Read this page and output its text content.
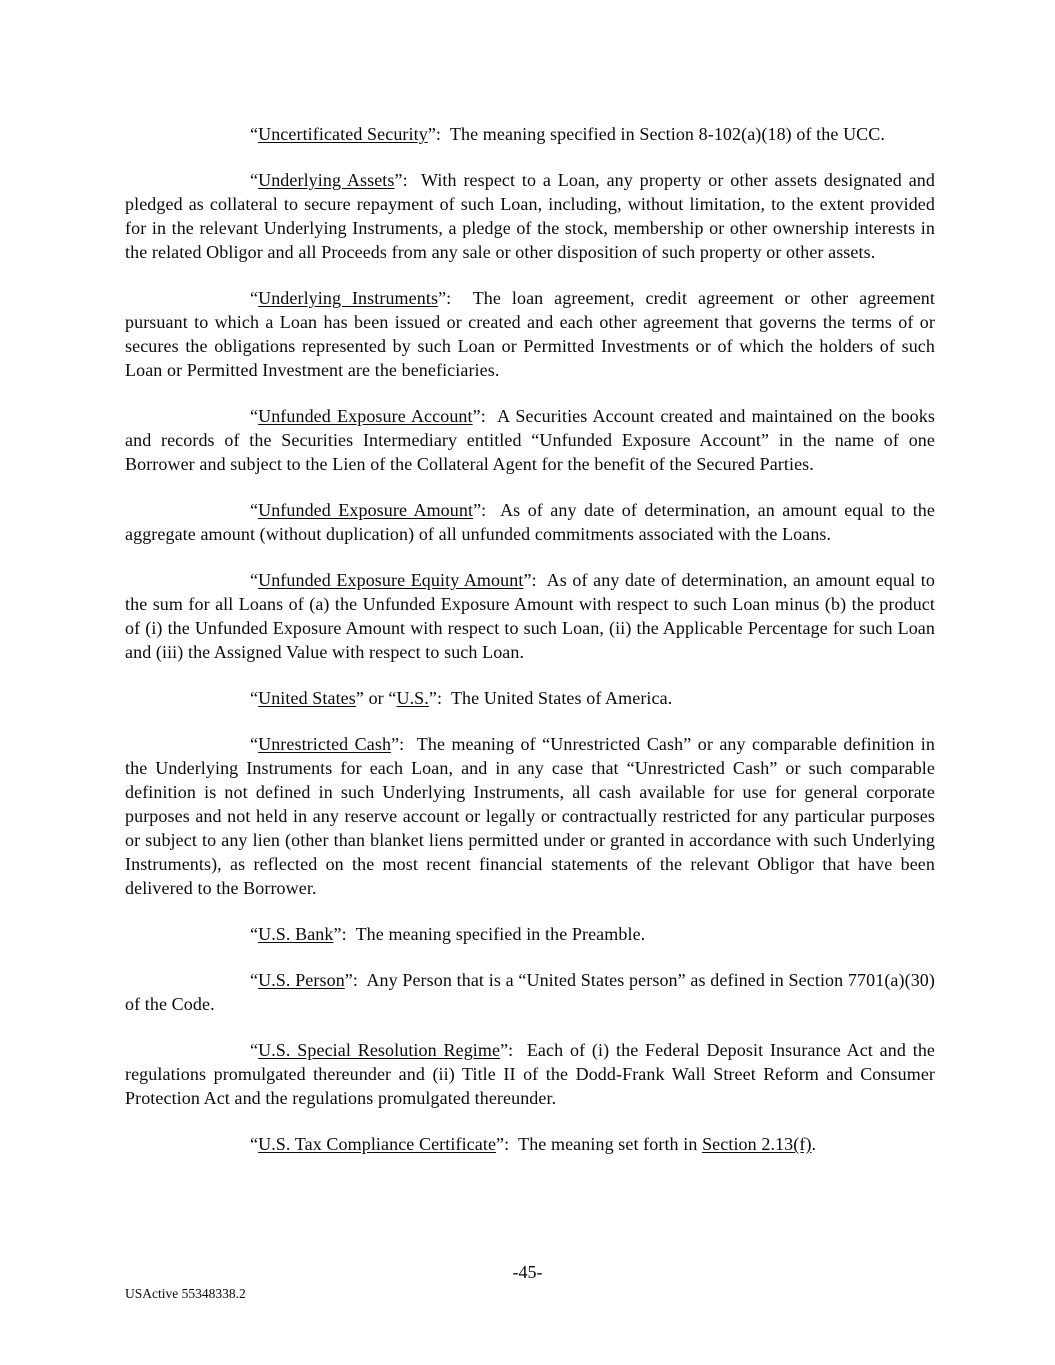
“Uncertificated Security”:  The meaning specified in Section 8-102(a)(18) of the UCC.

“Underlying Assets”:  With respect to a Loan, any property or other assets designated and pledged as collateral to secure repayment of such Loan, including, without limitation, to the extent provided for in the relevant Underlying Instruments, a pledge of the stock, membership or other ownership interests in the related Obligor and all Proceeds from any sale or other disposition of such property or other assets.

“Underlying Instruments”:  The loan agreement, credit agreement or other agreement pursuant to which a Loan has been issued or created and each other agreement that governs the terms of or secures the obligations represented by such Loan or Permitted Investments or of which the holders of such Loan or Permitted Investment are the beneficiaries.

“Unfunded Exposure Account”:  A Securities Account created and maintained on the books and records of the Securities Intermediary entitled “Unfunded Exposure Account” in the name of one Borrower and subject to the Lien of the Collateral Agent for the benefit of the Secured Parties.

“Unfunded Exposure Amount”:  As of any date of determination, an amount equal to the aggregate amount (without duplication) of all unfunded commitments associated with the Loans.

“Unfunded Exposure Equity Amount”:  As of any date of determination, an amount equal to the sum for all Loans of (a) the Unfunded Exposure Amount with respect to such Loan minus (b) the product of (i) the Unfunded Exposure Amount with respect to such Loan, (ii) the Applicable Percentage for such Loan and (iii) the Assigned Value with respect to such Loan.

“United States” or “U.S.”:  The United States of America.

“Unrestricted Cash”:  The meaning of “Unrestricted Cash” or any comparable definition in the Underlying Instruments for each Loan, and in any case that “Unrestricted Cash” or such comparable definition is not defined in such Underlying Instruments, all cash available for use for general corporate purposes and not held in any reserve account or legally or contractually restricted for any particular purposes or subject to any lien (other than blanket liens permitted under or granted in accordance with such Underlying Instruments), as reflected on the most recent financial statements of the relevant Obligor that have been delivered to the Borrower.

“U.S. Bank”:  The meaning specified in the Preamble.

“U.S. Person”:  Any Person that is a “United States person” as defined in Section 7701(a)(30) of the Code.

“U.S. Special Resolution Regime”:  Each of (i) the Federal Deposit Insurance Act and the regulations promulgated thereunder and (ii) Title II of the Dodd-Frank Wall Street Reform and Consumer Protection Act and the regulations promulgated thereunder.

“U.S. Tax Compliance Certificate”:  The meaning set forth in Section 2.13(f).

-45-
USActive 55348338.2
